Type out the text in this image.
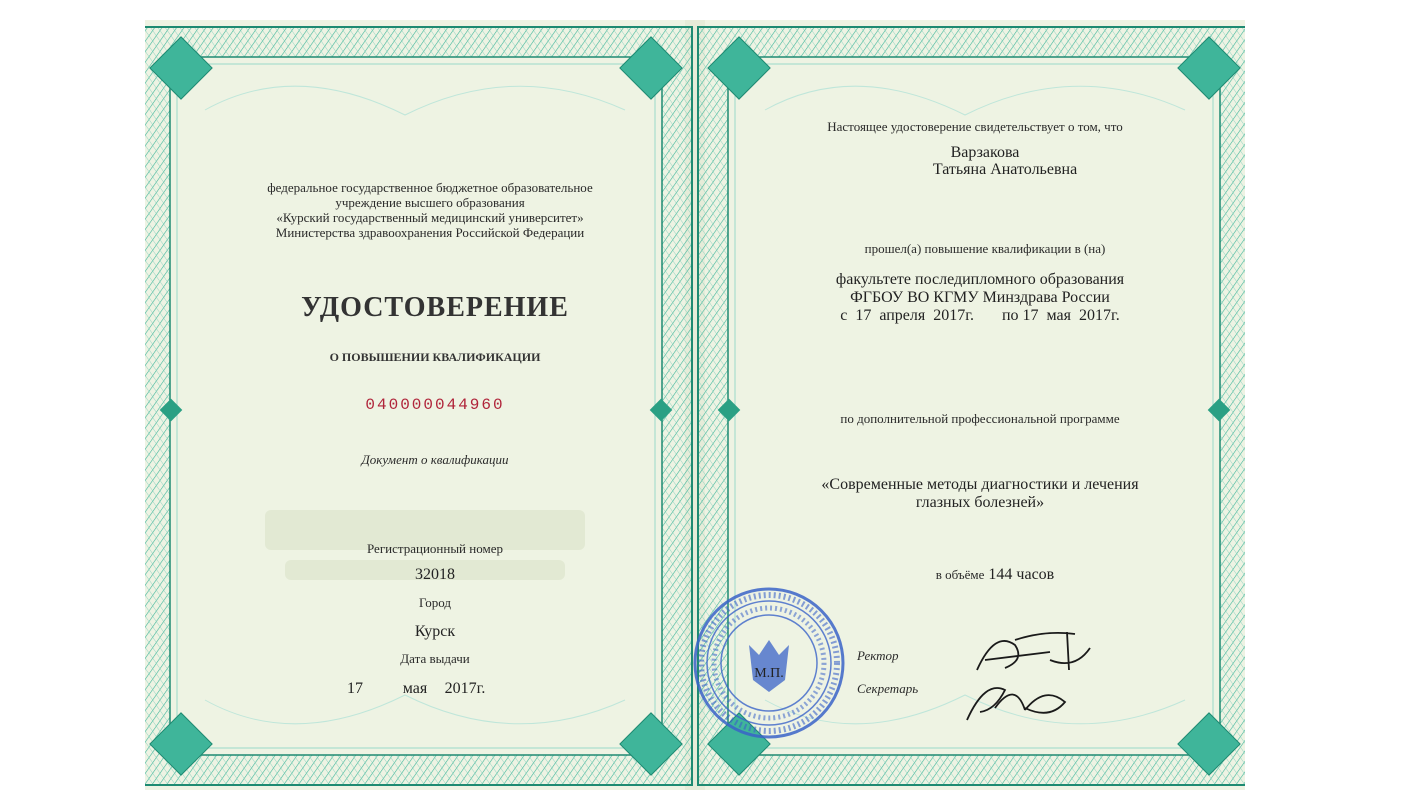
федеральное государственное бюджетное образовательное
учреждение высшего образования
«Курский государственный медицинский университет»
Министерства здравоохранения Российской Федерации
УДОСТОВЕРЕНИЕ
О ПОВЫШЕНИИ КВАЛИФИКАЦИИ
040000044960
Документ о квалификации
Регистрационный номер
32018
Город
Курск
Дата выдачи
17	мая	2017г.
Настоящее удостоверение свидетельствует о том, что
Варзакова
Татьяна Анатольевна
прошел(а) повышение квалификации в (на)
факультете последипломного образования
ФГБОУ ВО КГМУ Минздрава России
с  17  апреля  2017г.       по 17  мая  2017г.
по дополнительной профессиональной программе
«Современные методы диагностики и лечения
глазных болезней»
в объёме 144 часов
М.П.
Ректор
Секретарь
